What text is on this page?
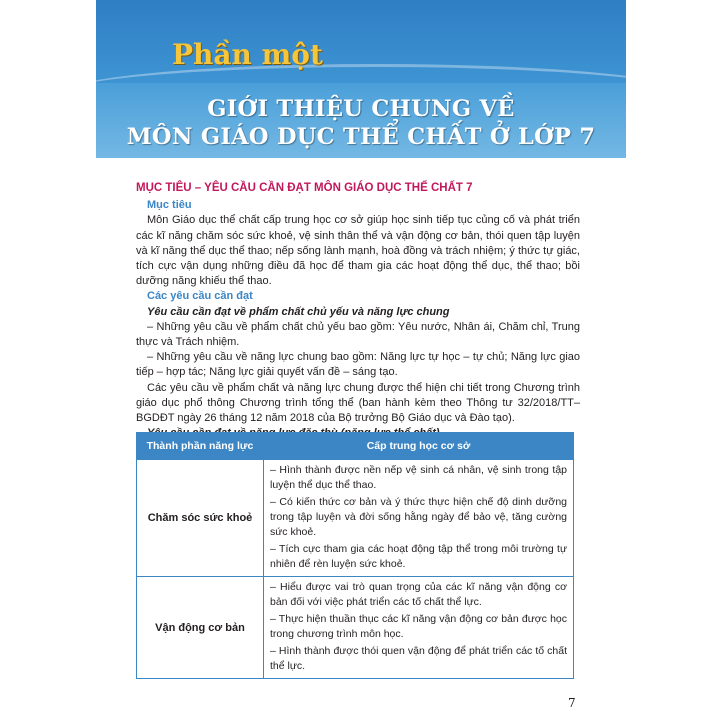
Phần một
GIỚI THIỆU CHUNG VỀ
MÔN GIÁO DỤC THỂ CHẤT Ở LỚP 7

MỤC TIÊU – YÊU CẦU CẦN ĐẠT MÔN GIÁO DỤC THỂ CHẤT 7

Mục tiêu

Môn Giáo dục thể chất cấp trung học cơ sở giúp học sinh tiếp tục củng cố và phát triển các kĩ năng chăm sóc sức khoẻ, vệ sinh thân thể và vận động cơ bản, thói quen tập luyện và kĩ năng thể dục thể thao; nếp sống lành mạnh, hoà đồng và trách nhiệm; ý thức tự giác, tích cực vận dụng những điều đã học để tham gia các hoạt động thể dục, thể thao; bồi dưỡng năng khiếu thể thao.

Các yêu cầu cần đạt
Yêu cầu cần đạt về phẩm chất chủ yếu và năng lực chung

– Những yêu cầu về phẩm chất chủ yếu bao gồm: Yêu nước, Nhân ái, Chăm chỉ, Trung thực và Trách nhiệm.

– Những yêu cầu về năng lực chung bao gồm: Năng lực tự học – tự chủ; Năng lực giao tiếp – hợp tác; Năng lực giải quyết vấn đề – sáng tạo.

Các yêu cầu về phẩm chất và năng lực chung được thể hiện chi tiết trong Chương trình giáo dục phổ thông Chương trình tổng thể (ban hành kèm theo Thông tư 32/2018/TT–BGDĐT ngày 26 tháng 12 năm 2018 của Bộ trưởng Bộ Giáo dục và Đào tạo).

Thành phần năng lực	Cấp trung học cơ sở
Chăm sóc sức khoẻ	– Hình thành được nền nếp vệ sinh cá nhân, vệ sinh trong tập luyện thể dục thể thao.

– Có kiến thức cơ bản và ý thức thực hiện chế độ dinh dưỡng trong tập luyện và đời sống hằng ngày để bảo vệ, tăng cường sức khoẻ.

– Tích cực tham gia các hoạt động tập thể trong môi trường tự nhiên để rèn luyện sức khoẻ.

Vận động cơ bản	– Hiểu được vai trò quan trọng của các kĩ năng vận động cơ bản đối với việc phát triển các tố chất thể lực.

– Thực hiện thuần thục các kĩ năng vận động cơ bản được học trong chương trình môn học.

– Hình thành được thói quen vận động để phát triển các tố chất thể lực.

7
